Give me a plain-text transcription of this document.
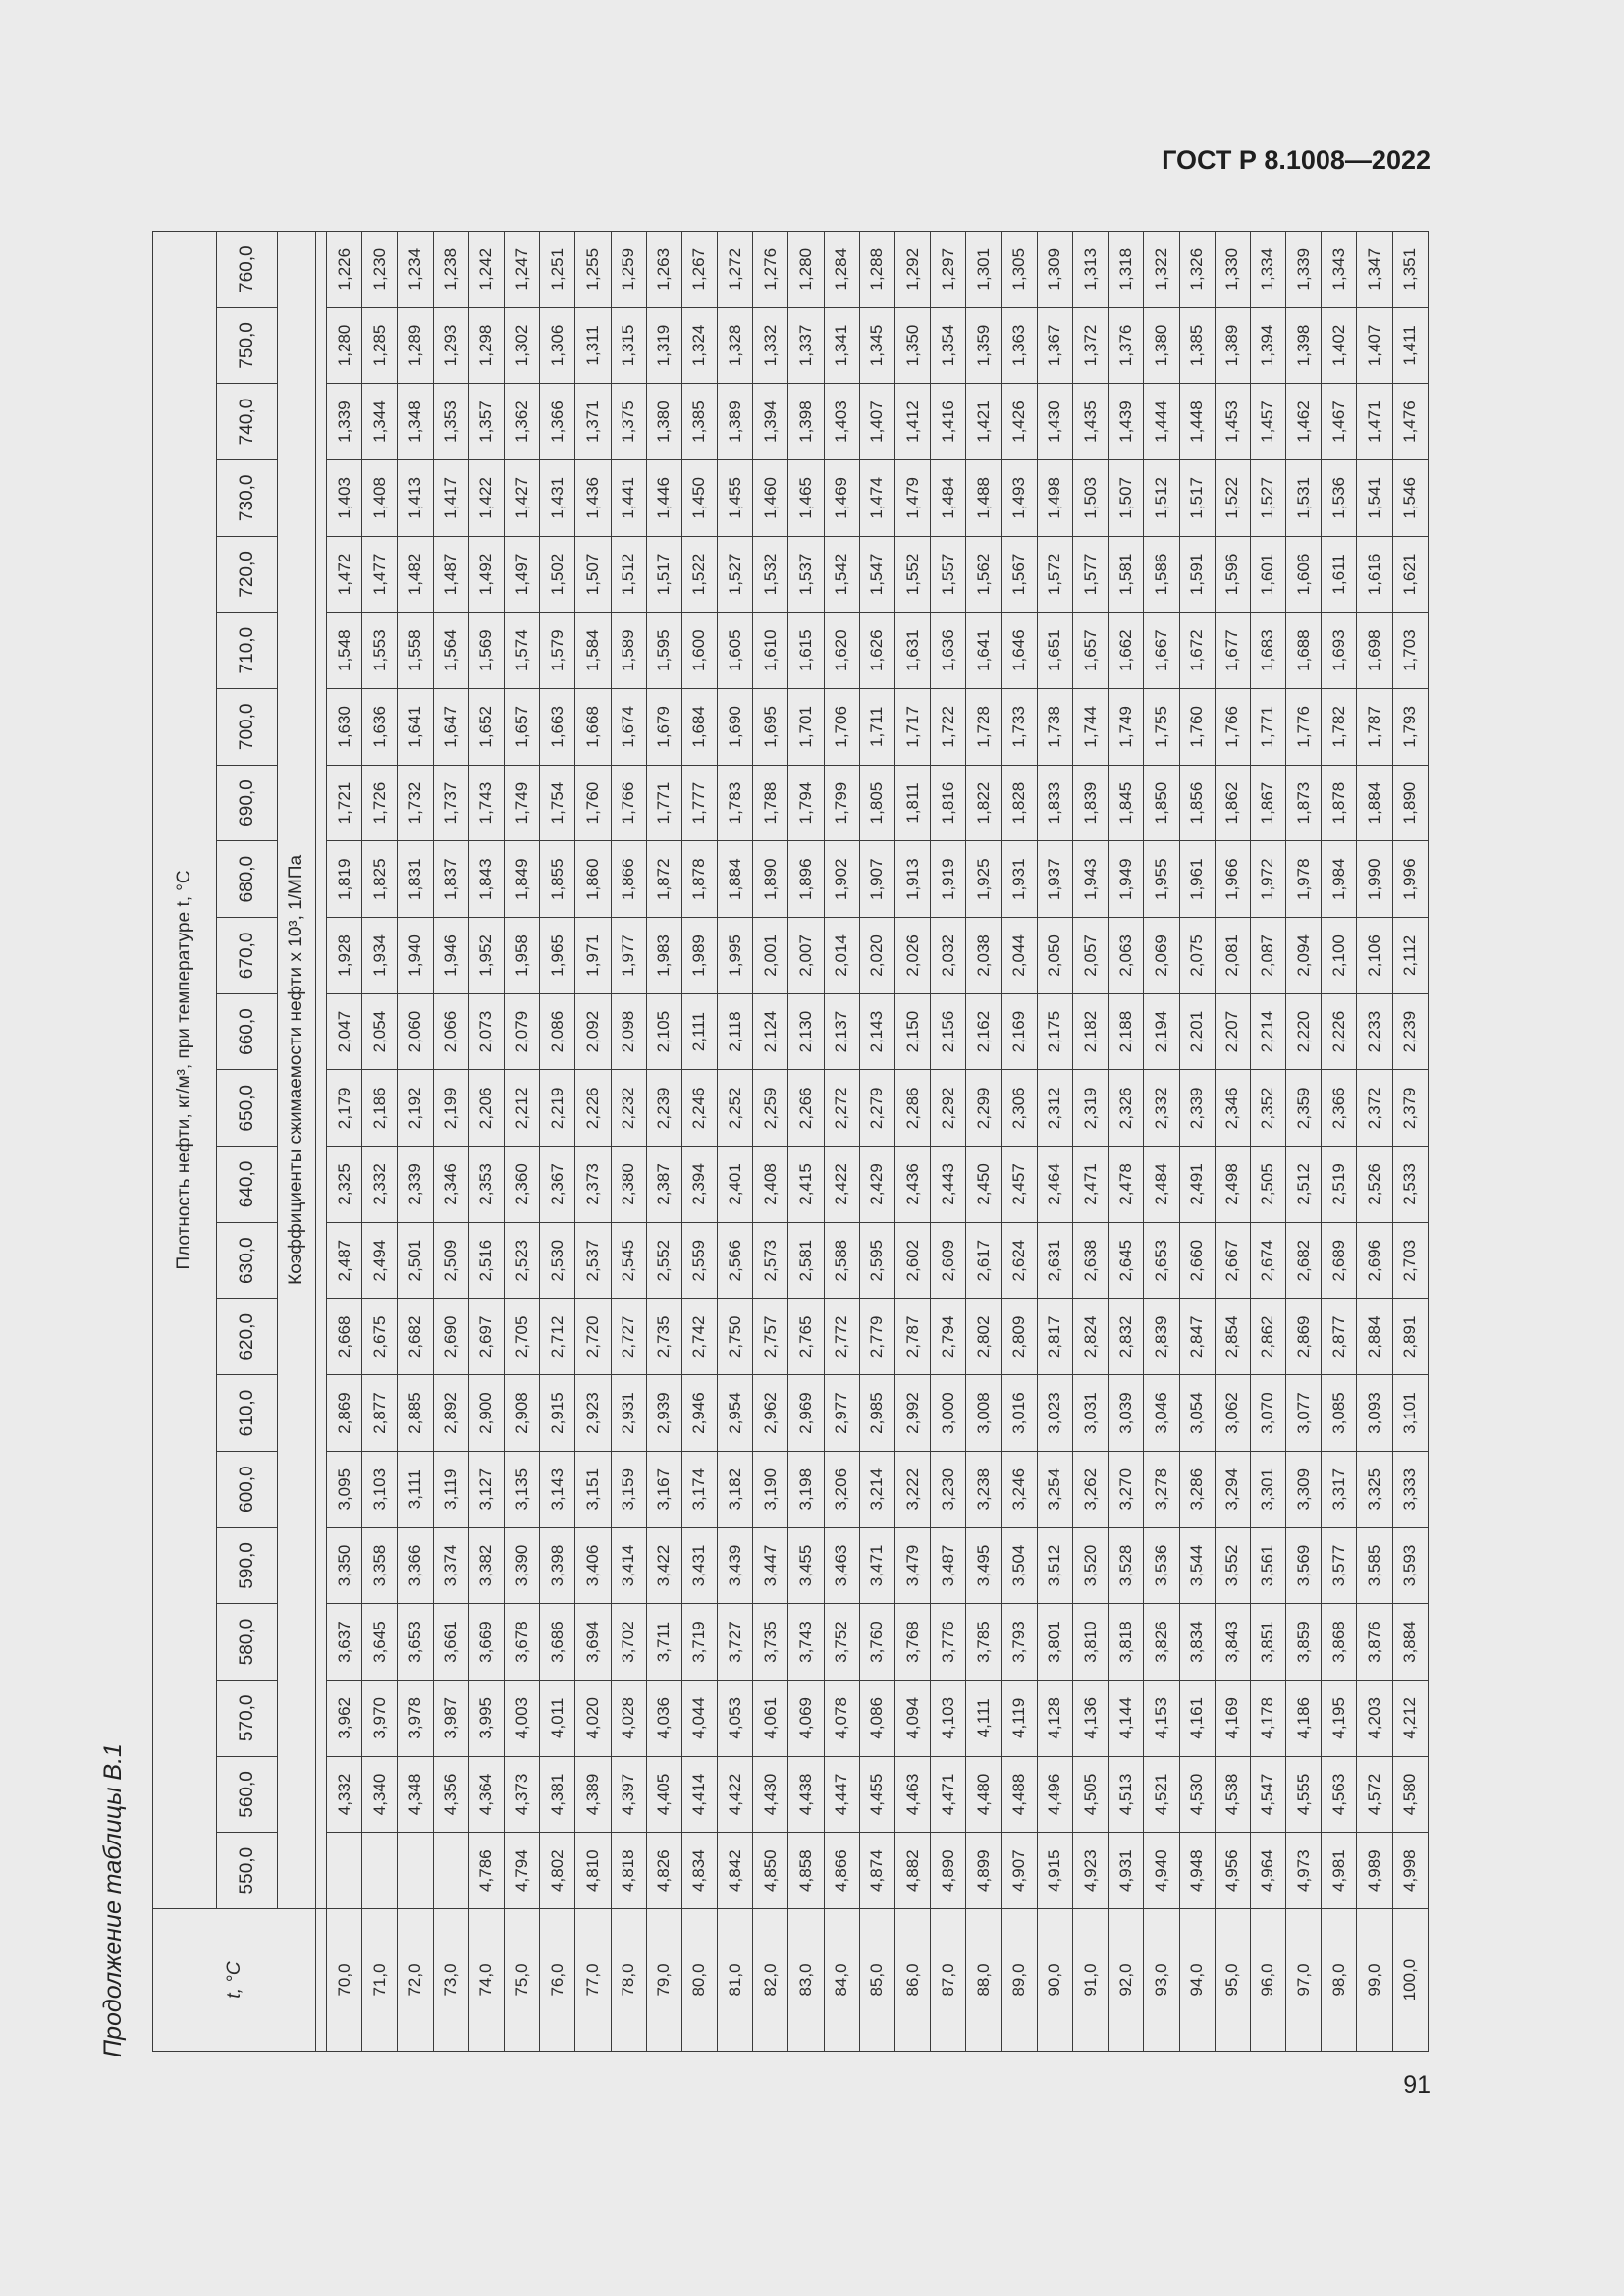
ГОСТ Р 8.1008—2022
Продолжение таблицы В.1	t, °C	Плотность нефти, кг/м³, при температуре t, °С																					
	550,0	560,0	570,0	580,0	590,0	600,0	610,0	620,0	630,0	640,0	650,0	660,0	670,0	680,0	690,0	700,0	710,0	720,0	730,0	740,0	750,0	760,0
	Коэффициенты сжимаемости нефти x 10³, 1/МПа																					

70,0		4,332	3,962	3,637	3,350	3,095	2,869	2,668	2,487	2,325	2,179	2,047	1,928	1,819	1,721	1,630	1,548	1,472	1,403	1,339	1,280	1,226
71,0		4,340	3,970	3,645	3,358	3,103	2,877	2,675	2,494	2,332	2,186	2,054	1,934	1,825	1,726	1,636	1,553	1,477	1,408	1,344	1,285	1,230
72,0		4,348	3,978	3,653	3,366	3,111	2,885	2,682	2,501	2,339	2,192	2,060	1,940	1,831	1,732	1,641	1,558	1,482	1,413	1,348	1,289	1,234
73,0		4,356	3,987	3,661	3,374	3,119	2,892	2,690	2,509	2,346	2,199	2,066	1,946	1,837	1,737	1,647	1,564	1,487	1,417	1,353	1,293	1,238
74,0	4,786	4,364	3,995	3,669	3,382	3,127	2,900	2,697	2,516	2,353	2,206	2,073	1,952	1,843	1,743	1,652	1,569	1,492	1,422	1,357	1,298	1,242
75,0	4,794	4,373	4,003	3,678	3,390	3,135	2,908	2,705	2,523	2,360	2,212	2,079	1,958	1,849	1,749	1,657	1,574	1,497	1,427	1,362	1,302	1,247
76,0	4,802	4,381	4,011	3,686	3,398	3,143	2,915	2,712	2,530	2,367	2,219	2,086	1,965	1,855	1,754	1,663	1,579	1,502	1,431	1,366	1,306	1,251
77,0	4,810	4,389	4,020	3,694	3,406	3,151	2,923	2,720	2,537	2,373	2,226	2,092	1,971	1,860	1,760	1,668	1,584	1,507	1,436	1,371	1,311	1,255
78,0	4,818	4,397	4,028	3,702	3,414	3,159	2,931	2,727	2,545	2,380	2,232	2,098	1,977	1,866	1,766	1,674	1,589	1,512	1,441	1,375	1,315	1,259
79,0	4,826	4,405	4,036	3,711	3,422	3,167	2,939	2,735	2,552	2,387	2,239	2,105	1,983	1,872	1,771	1,679	1,595	1,517	1,446	1,380	1,319	1,263
80,0	4,834	4,414	4,044	3,719	3,431	3,174	2,946	2,742	2,559	2,394	2,246	2,111	1,989	1,878	1,777	1,684	1,600	1,522	1,450	1,385	1,324	1,267
81,0	4,842	4,422	4,053	3,727	3,439	3,182	2,954	2,750	2,566	2,401	2,252	2,118	1,995	1,884	1,783	1,690	1,605	1,527	1,455	1,389	1,328	1,272
82,0	4,850	4,430	4,061	3,735	3,447	3,190	2,962	2,757	2,573	2,408	2,259	2,124	2,001	1,890	1,788	1,695	1,610	1,532	1,460	1,394	1,332	1,276
83,0	4,858	4,438	4,069	3,743	3,455	3,198	2,969	2,765	2,581	2,415	2,266	2,130	2,007	1,896	1,794	1,701	1,615	1,537	1,465	1,398	1,337	1,280
84,0	4,866	4,447	4,078	3,752	3,463	3,206	2,977	2,772	2,588	2,422	2,272	2,137	2,014	1,902	1,799	1,706	1,620	1,542	1,469	1,403	1,341	1,284
85,0	4,874	4,455	4,086	3,760	3,471	3,214	2,985	2,779	2,595	2,429	2,279	2,143	2,020	1,907	1,805	1,711	1,626	1,547	1,474	1,407	1,345	1,288
86,0	4,882	4,463	4,094	3,768	3,479	3,222	2,992	2,787	2,602	2,436	2,286	2,150	2,026	1,913	1,811	1,717	1,631	1,552	1,479	1,412	1,350	1,292
87,0	4,890	4,471	4,103	3,776	3,487	3,230	3,000	2,794	2,609	2,443	2,292	2,156	2,032	1,919	1,816	1,722	1,636	1,557	1,484	1,416	1,354	1,297
88,0	4,899	4,480	4,111	3,785	3,495	3,238	3,008	2,802	2,617	2,450	2,299	2,162	2,038	1,925	1,822	1,728	1,641	1,562	1,488	1,421	1,359	1,301
89,0	4,907	4,488	4,119	3,793	3,504	3,246	3,016	2,809	2,624	2,457	2,306	2,169	2,044	1,931	1,828	1,733	1,646	1,567	1,493	1,426	1,363	1,305
90,0	4,915	4,496	4,128	3,801	3,512	3,254	3,023	2,817	2,631	2,464	2,312	2,175	2,050	1,937	1,833	1,738	1,651	1,572	1,498	1,430	1,367	1,309
91,0	4,923	4,505	4,136	3,810	3,520	3,262	3,031	2,824	2,638	2,471	2,319	2,182	2,057	1,943	1,839	1,744	1,657	1,577	1,503	1,435	1,372	1,313
92,0	4,931	4,513	4,144	3,818	3,528	3,270	3,039	2,832	2,645	2,478	2,326	2,188	2,063	1,949	1,845	1,749	1,662	1,581	1,507	1,439	1,376	1,318
93,0	4,940	4,521	4,153	3,826	3,536	3,278	3,046	2,839	2,653	2,484	2,332	2,194	2,069	1,955	1,850	1,755	1,667	1,586	1,512	1,444	1,380	1,322
94,0	4,948	4,530	4,161	3,834	3,544	3,286	3,054	2,847	2,660	2,491	2,339	2,201	2,075	1,961	1,856	1,760	1,672	1,591	1,517	1,448	1,385	1,326
95,0	4,956	4,538	4,169	3,843	3,552	3,294	3,062	2,854	2,667	2,498	2,346	2,207	2,081	1,966	1,862	1,766	1,677	1,596	1,522	1,453	1,389	1,330
96,0	4,964	4,547	4,178	3,851	3,561	3,301	3,070	2,862	2,674	2,505	2,352	2,214	2,087	1,972	1,867	1,771	1,683	1,601	1,527	1,457	1,394	1,334
97,0	4,973	4,555	4,186	3,859	3,569	3,309	3,077	2,869	2,682	2,512	2,359	2,220	2,094	1,978	1,873	1,776	1,688	1,606	1,531	1,462	1,398	1,339
98,0	4,981	4,563	4,195	3,868	3,577	3,317	3,085	2,877	2,689	2,519	2,366	2,226	2,100	1,984	1,878	1,782	1,693	1,611	1,536	1,467	1,402	1,343
99,0	4,989	4,572	4,203	3,876	3,585	3,325	3,093	2,884	2,696	2,526	2,372	2,233	2,106	1,990	1,884	1,787	1,698	1,616	1,541	1,471	1,407	1,347
100,0	4,998	4,580	4,212	3,884	3,593	3,333	3,101	2,891	2,703	2,533	2,379	2,239	2,112	1,996	1,890	1,793	1,703	1,621	1,546	1,476	1,411	1,351
91
